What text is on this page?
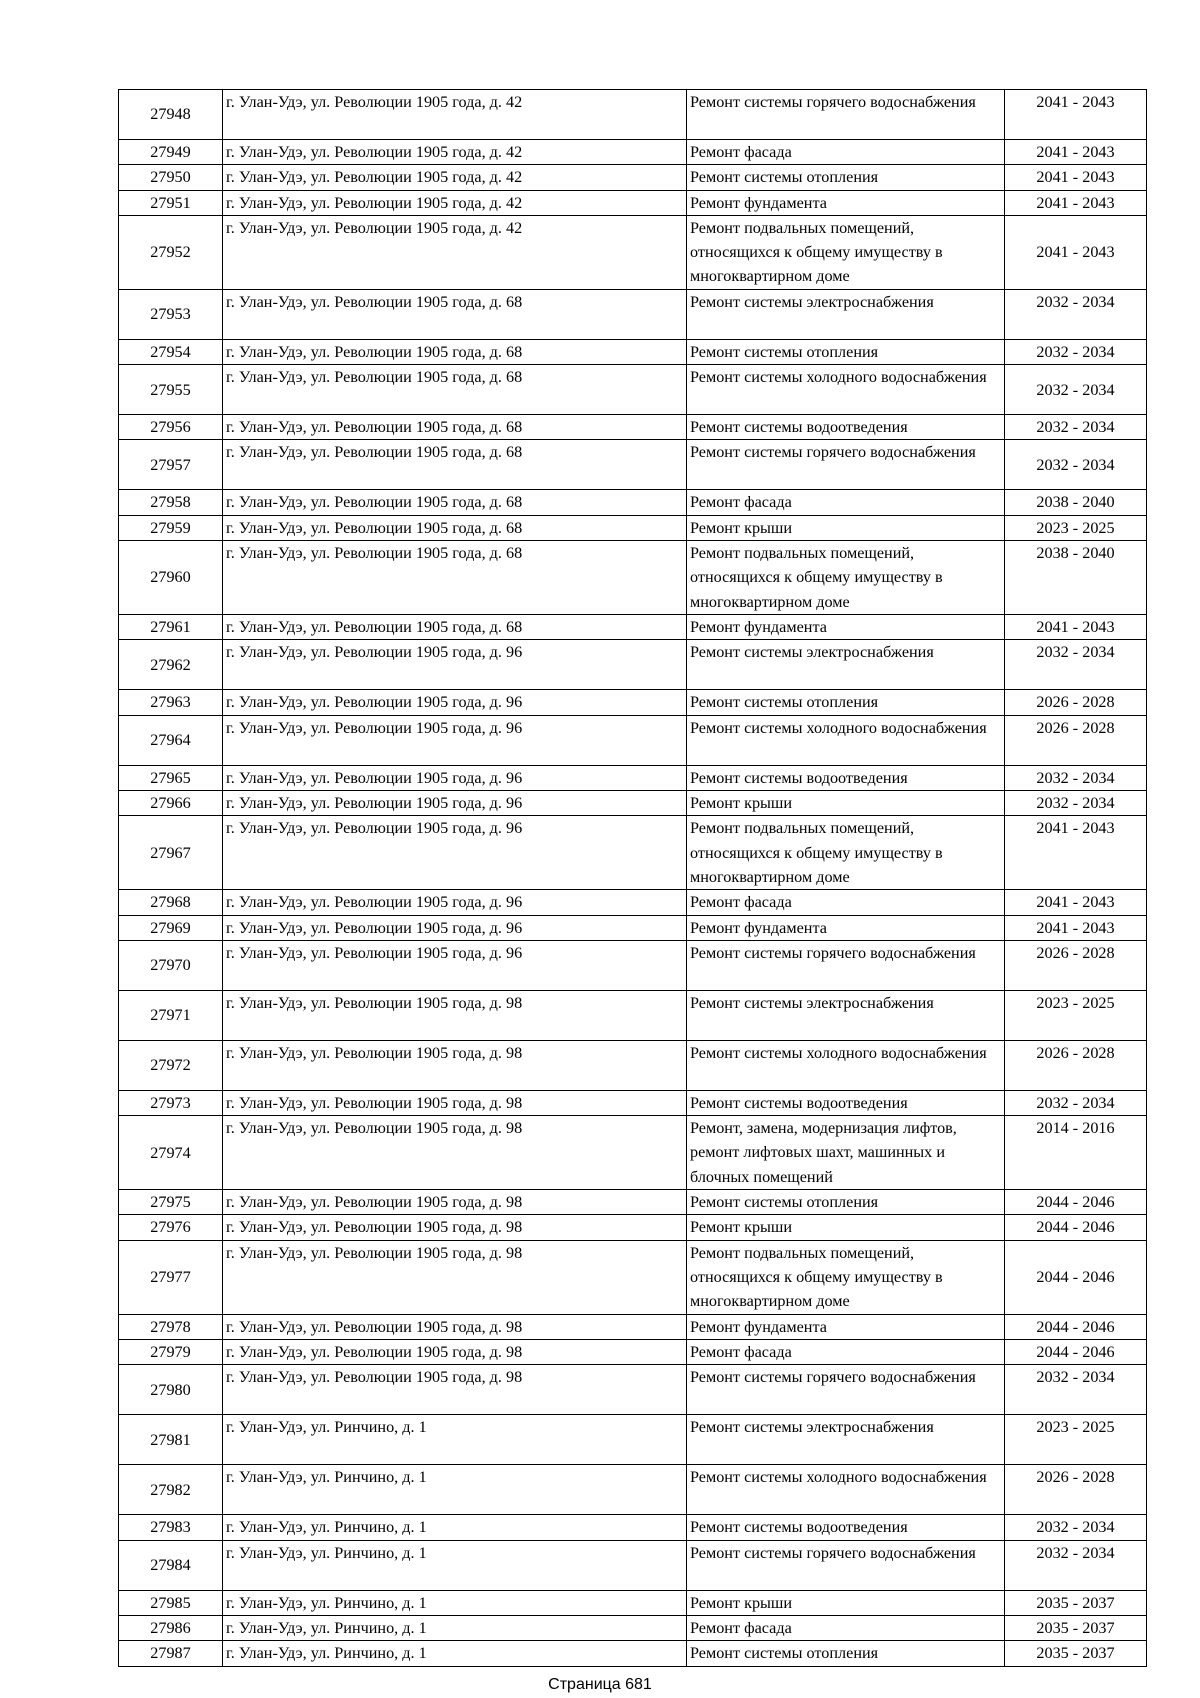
27948	г. Улан-Удэ, ул. Революции 1905 года, д. 42	Ремонт системы горячего водоснабжения	2041 - 2043
27949	г. Улан-Удэ, ул. Революции 1905 года, д. 42	Ремонт фасада	2041 - 2043
27950	г. Улан-Удэ, ул. Революции 1905 года, д. 42	Ремонт системы отопления	2041 - 2043
27951	г. Улан-Удэ, ул. Революции 1905 года, д. 42	Ремонт фундамента	2041 - 2043
27952	г. Улан-Удэ, ул. Революции 1905 года, д. 42	Ремонт подвальных помещений, относящихся к общему имуществу в многоквартирном доме	2041 - 2043
27953	г. Улан-Удэ, ул. Революции 1905 года, д. 68	Ремонт системы электроснабжения	2032 - 2034
27954	г. Улан-Удэ, ул. Революции 1905 года, д. 68	Ремонт системы отопления	2032 - 2034
27955	г. Улан-Удэ, ул. Революции 1905 года, д. 68	Ремонт системы холодного водоснабжения	2032 - 2034
27956	г. Улан-Удэ, ул. Революции 1905 года, д. 68	Ремонт системы водоотведения	2032 - 2034
27957	г. Улан-Удэ, ул. Революции 1905 года, д. 68	Ремонт системы горячего водоснабжения	2032 - 2034
27958	г. Улан-Удэ, ул. Революции 1905 года, д. 68	Ремонт фасада	2038 - 2040
27959	г. Улан-Удэ, ул. Революции 1905 года, д. 68	Ремонт крыши	2023 - 2025
27960	г. Улан-Удэ, ул. Революции 1905 года, д. 68	Ремонт подвальных помещений, относящихся к общему имуществу в многоквартирном доме	2038 - 2040
27961	г. Улан-Удэ, ул. Революции 1905 года, д. 68	Ремонт фундамента	2041 - 2043
27962	г. Улан-Удэ, ул. Революции 1905 года, д. 96	Ремонт системы электроснабжения	2032 - 2034
27963	г. Улан-Удэ, ул. Революции 1905 года, д. 96	Ремонт системы отопления	2026 - 2028
27964	г. Улан-Удэ, ул. Революции 1905 года, д. 96	Ремонт системы холодного водоснабжения	2026 - 2028
27965	г. Улан-Удэ, ул. Революции 1905 года, д. 96	Ремонт системы водоотведения	2032 - 2034
27966	г. Улан-Удэ, ул. Революции 1905 года, д. 96	Ремонт крыши	2032 - 2034
27967	г. Улан-Удэ, ул. Революции 1905 года, д. 96	Ремонт подвальных помещений, относящихся к общему имуществу в многоквартирном доме	2041 - 2043
27968	г. Улан-Удэ, ул. Революции 1905 года, д. 96	Ремонт фасада	2041 - 2043
27969	г. Улан-Удэ, ул. Революции 1905 года, д. 96	Ремонт фундамента	2041 - 2043
27970	г. Улан-Удэ, ул. Революции 1905 года, д. 96	Ремонт системы горячего водоснабжения	2026 - 2028
27971	г. Улан-Удэ, ул. Революции 1905 года, д. 98	Ремонт системы электроснабжения	2023 - 2025
27972	г. Улан-Удэ, ул. Революции 1905 года, д. 98	Ремонт системы холодного водоснабжения	2026 - 2028
27973	г. Улан-Удэ, ул. Революции 1905 года, д. 98	Ремонт системы водоотведения	2032 - 2034
27974	г. Улан-Удэ, ул. Революции 1905 года, д. 98	Ремонт, замена, модернизация лифтов, ремонт лифтовых шахт, машинных и блочных помещений	2014 - 2016
27975	г. Улан-Удэ, ул. Революции 1905 года, д. 98	Ремонт системы отопления	2044 - 2046
27976	г. Улан-Удэ, ул. Революции 1905 года, д. 98	Ремонт крыши	2044 - 2046
27977	г. Улан-Удэ, ул. Революции 1905 года, д. 98	Ремонт подвальных помещений, относящихся к общему имуществу в многоквартирном доме	2044 - 2046
27978	г. Улан-Удэ, ул. Революции 1905 года, д. 98	Ремонт фундамента	2044 - 2046
27979	г. Улан-Удэ, ул. Революции 1905 года, д. 98	Ремонт фасада	2044 - 2046
27980	г. Улан-Удэ, ул. Революции 1905 года, д. 98	Ремонт системы горячего водоснабжения	2032 - 2034
27981	г. Улан-Удэ, ул. Ринчино, д. 1	Ремонт системы электроснабжения	2023 - 2025
27982	г. Улан-Удэ, ул. Ринчино, д. 1	Ремонт системы холодного водоснабжения	2026 - 2028
27983	г. Улан-Удэ, ул. Ринчино, д. 1	Ремонт системы водоотведения	2032 - 2034
27984	г. Улан-Удэ, ул. Ринчино, д. 1	Ремонт системы горячего водоснабжения	2032 - 2034
27985	г. Улан-Удэ, ул. Ринчино, д. 1	Ремонт крыши	2035 - 2037
27986	г. Улан-Удэ, ул. Ринчино, д. 1	Ремонт фасада	2035 - 2037
27987	г. Улан-Удэ, ул. Ринчино, д. 1	Ремонт системы отопления	2035 - 2037
Страница 681
